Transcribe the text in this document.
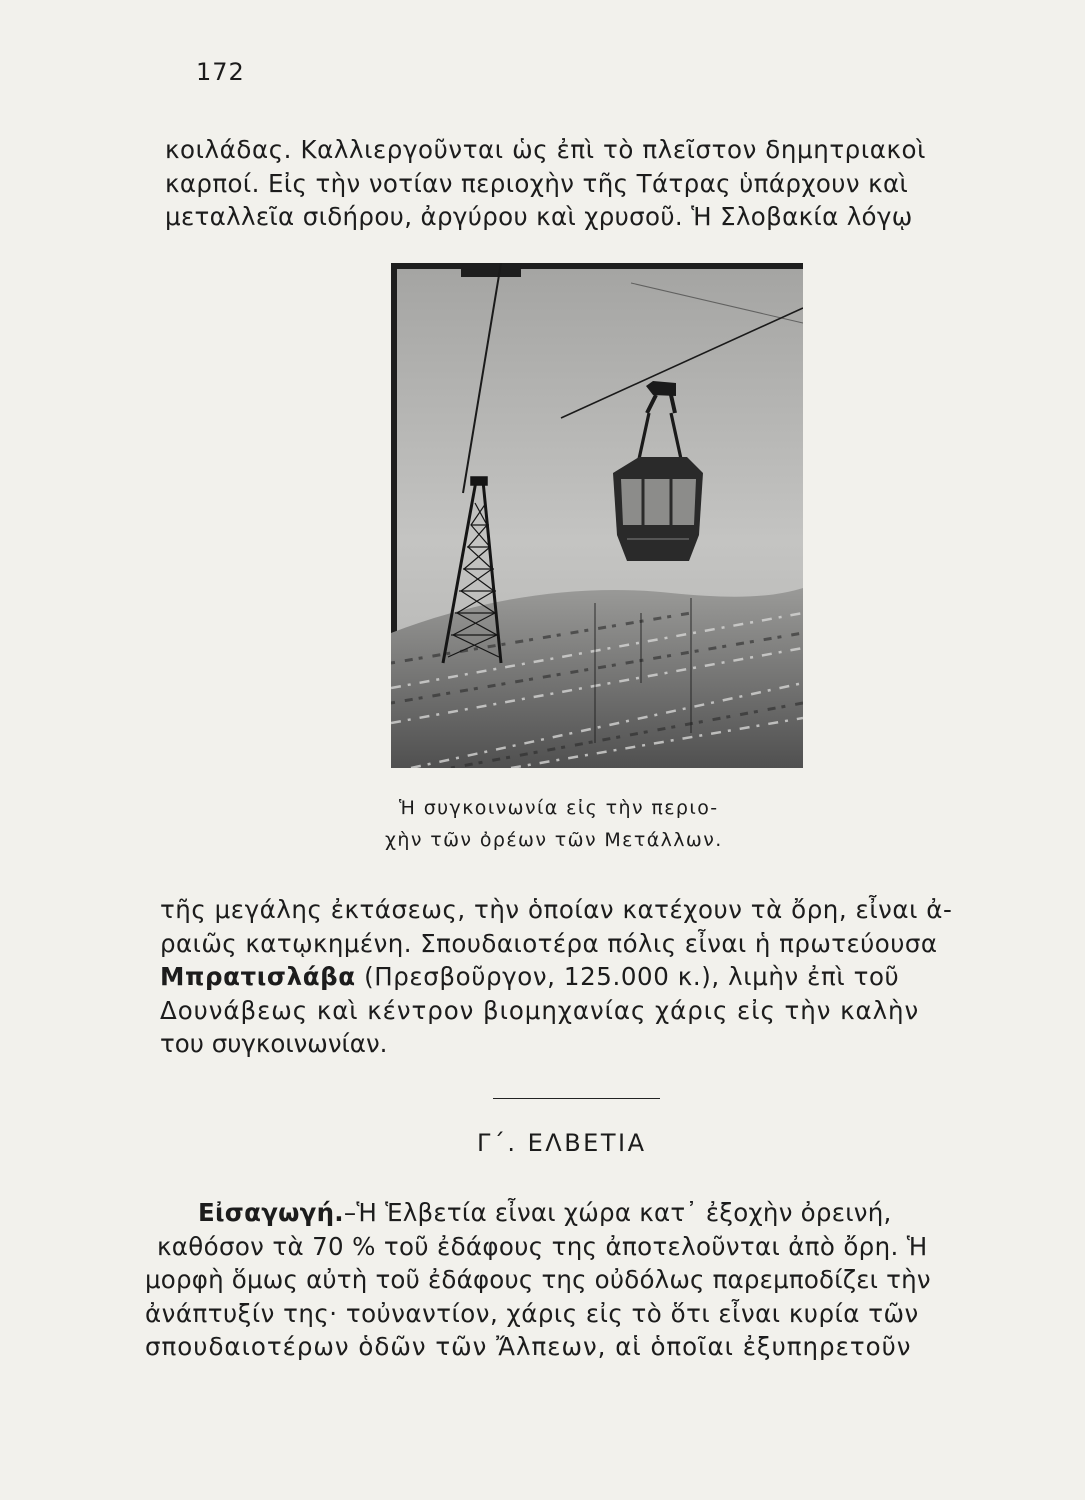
172

κοιλάδας. Καλλιεργοῦνται ὡς ἐπὶ τὸ πλεῖστον δημητριακοὶ
καρποί. Εἰς τὴν νοτίαν περιοχὴν τῆς Τάτρας ὑπάρχουν καὶ
μεταλλεῖα σιδήρου, ἀργύρου καὶ χρυσοῦ. Ἡ Σλοβακία λόγῳ

Ἡ συγκοινωνία εἰς τὴν περιο-
χὴν τῶν ὀρέων τῶν Μετάλλων.

τῆς μεγάλης ἐκτάσεως, τὴν ὁποίαν κατέχουν τὰ ὄρη, εἶναι ἀ-
ραιῶς κατῳκημένη. Σπουδαιοτέρα πόλις εἶναι ἡ πρωτεύουσα
Μπρατισλάβα (Πρεσβοῦργον, 125.000 κ.), λιμὴν ἐπὶ τοῦ
Δουνάβεως καὶ κέντρον βιομηχανίας χάρις εἰς τὴν καλὴν
του συγκοινωνίαν.

Γ΄. ΕΛΒΕΤΙΑ

Εἰσαγωγή.–Ἡ Ἑλβετία εἶναι χώρα κατ᾽ ἐξοχὴν ὀρεινή,
καθόσον τὰ 70 % τοῦ ἐδάφους της ἀποτελοῦνται ἀπὸ ὄρη. Ἡ
μορφὴ ὅμως αὐτὴ τοῦ ἐδάφους της οὐδόλως παρεμποδίζει τὴν
ἀνάπτυξίν της· τοὐναντίον, χάρις εἰς τὸ ὅτι εἶναι κυρία τῶν
σπουδαιοτέρων ὁδῶν τῶν Ἄλπεων, αἱ ὁποῖαι ἐξυπηρετοῦν
